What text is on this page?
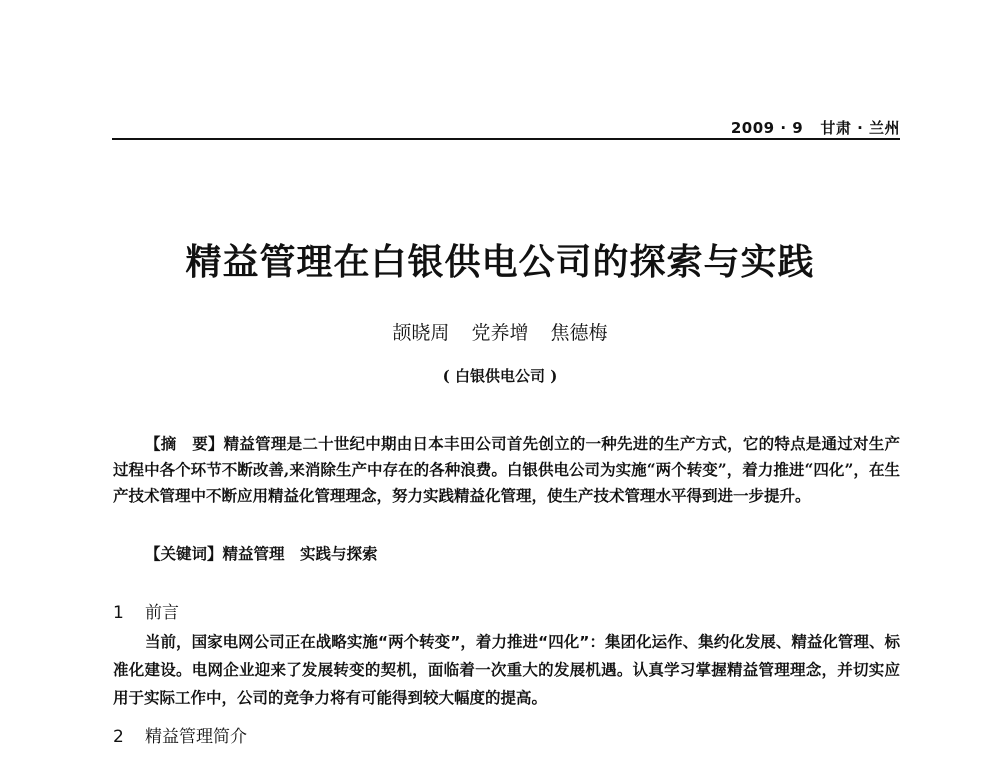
2009 · 9 甘肃 · 兰州
精益管理在白银供电公司的探索与实践
颉晓周 党养增 焦德梅
( 白银供电公司 )
【摘　要】精益管理是二十世纪中期由日本丰田公司首先创立的一种先进的生产方式，它的特点是通过对生产过程中各个环节不断改善,来消除生产中存在的各种浪费。白银供电公司为实施“两个转变”，着力推进“四化”，在生产技术管理中不断应用精益化管理理念，努力实践精益化管理，使生产技术管理水平得到进一步提升。
【关键词】精益管理　实践与探索
1 前言
当前，国家电网公司正在战略实施“两个转变”，着力推进“四化”：集团化运作、集约化发展、精益化管理、标准化建设。电网企业迎来了发展转变的契机，面临着一次重大的发展机遇。认真学习掌握精益管理理念，并切实应用于实际工作中，公司的竞争力将有可能得到较大幅度的提高。
2 精益管理简介
